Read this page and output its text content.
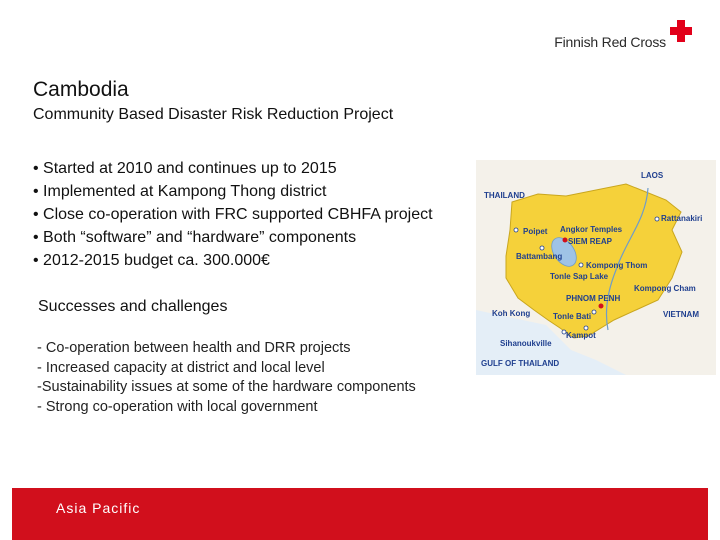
Finnish Red Cross
Cambodia
Community Based Disaster Risk Reduction Project
• Started at 2010 and continues up to 2015
• Implemented at Kampong Thong district
• Close co-operation with FRC supported CBHFA project
• Both “software” and “hardware” components
• 2012-2015 budget ca. 300.000€
Successes and challenges
- Co-operation between health and DRR projects
- Increased capacity at district and local level
-Sustainability issues at some of the hardware components
- Strong co-operation with local government
LAOS
THAILAND
Rattanakiri
Poipet Angkor Temples
SIEM REAP
Battambang
Kompong Thom
Tonle Sap Lake
Kompong Cham
PHNOM PENH
VIETNAM
Koh Kong	Tonle Bati
Kampot
Sihanoukville
GULF OF THAILAND
Asia Pacific
